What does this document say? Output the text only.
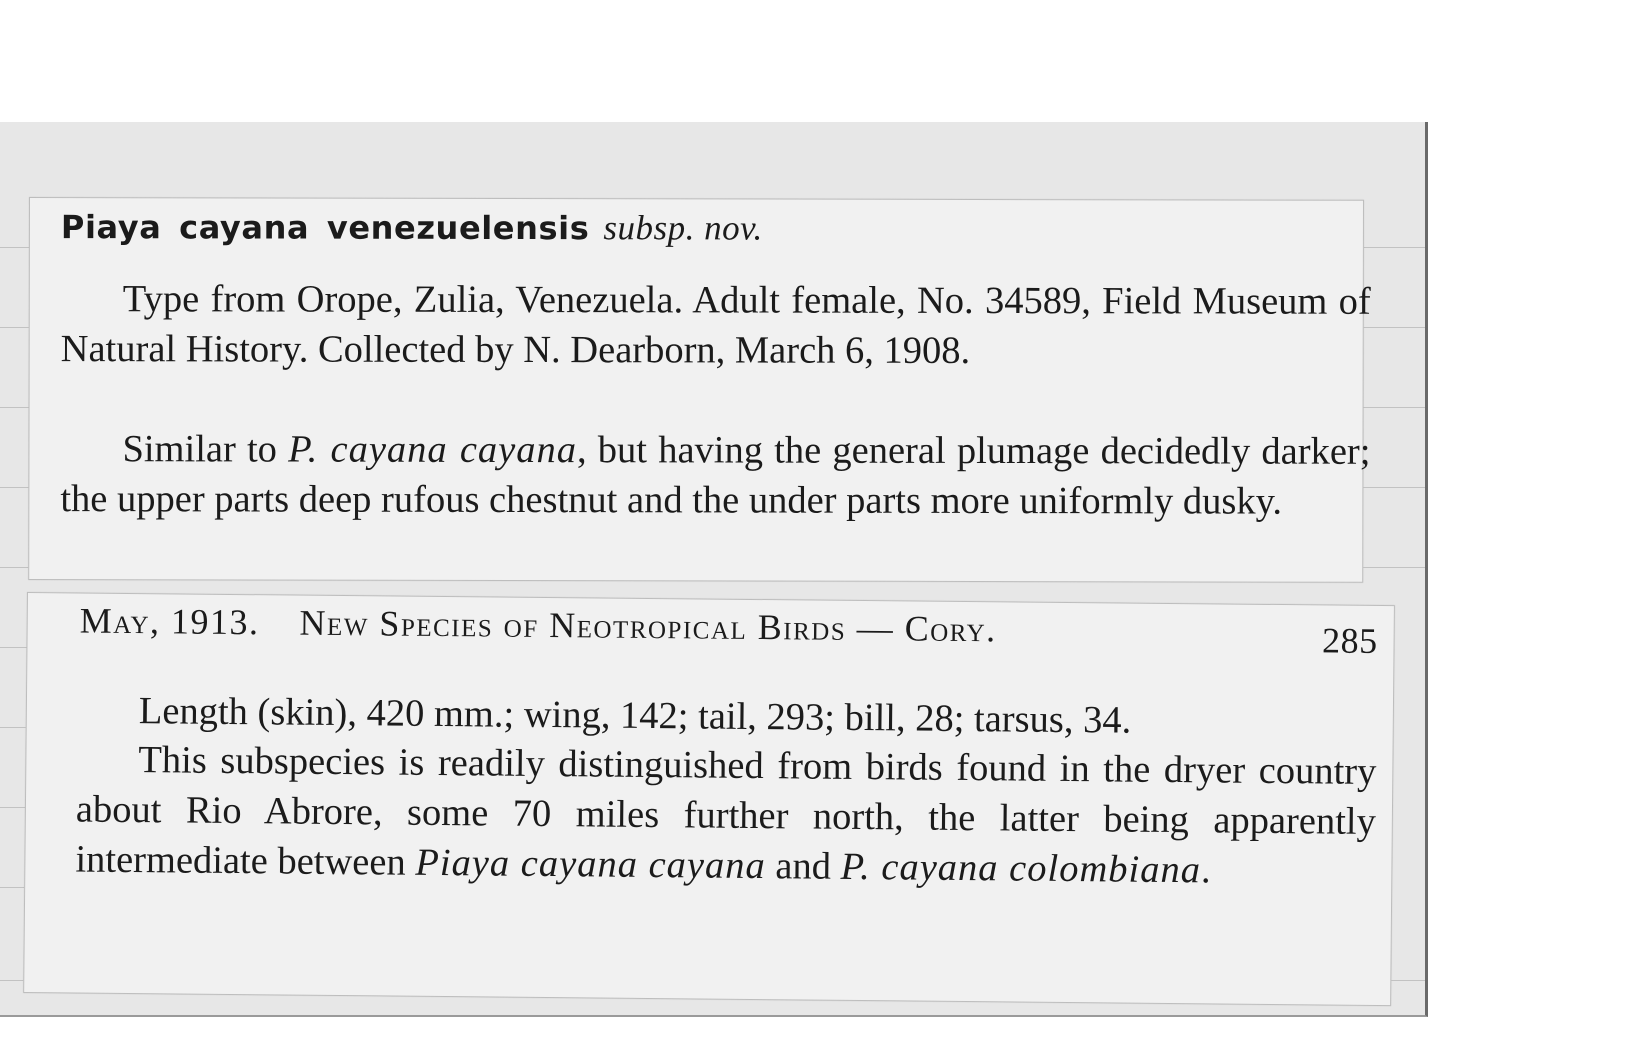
Piaya cayana venezuelensis subsp. nov.

Type from Orope, Zulia, Venezuela. Adult female, No. 34589, Field Museum of Natural History. Collected by N. Dearborn, March 6, 1908.

Similar to P. cayana cayana, but having the general plumage decidedly darker; the upper parts deep rufous chestnut and the under parts more uniformly dusky.

May, 1913. New Species of Neotropical Birds — Cory.	285

Length (skin), 420 mm.; wing, 142; tail, 293; bill, 28; tarsus, 34.

This subspecies is readily distinguished from birds found in the dryer country about Rio Abrore, some 70 miles further north, the latter being apparently intermediate between Piaya cayana cayana and P. cayana colombiana.
